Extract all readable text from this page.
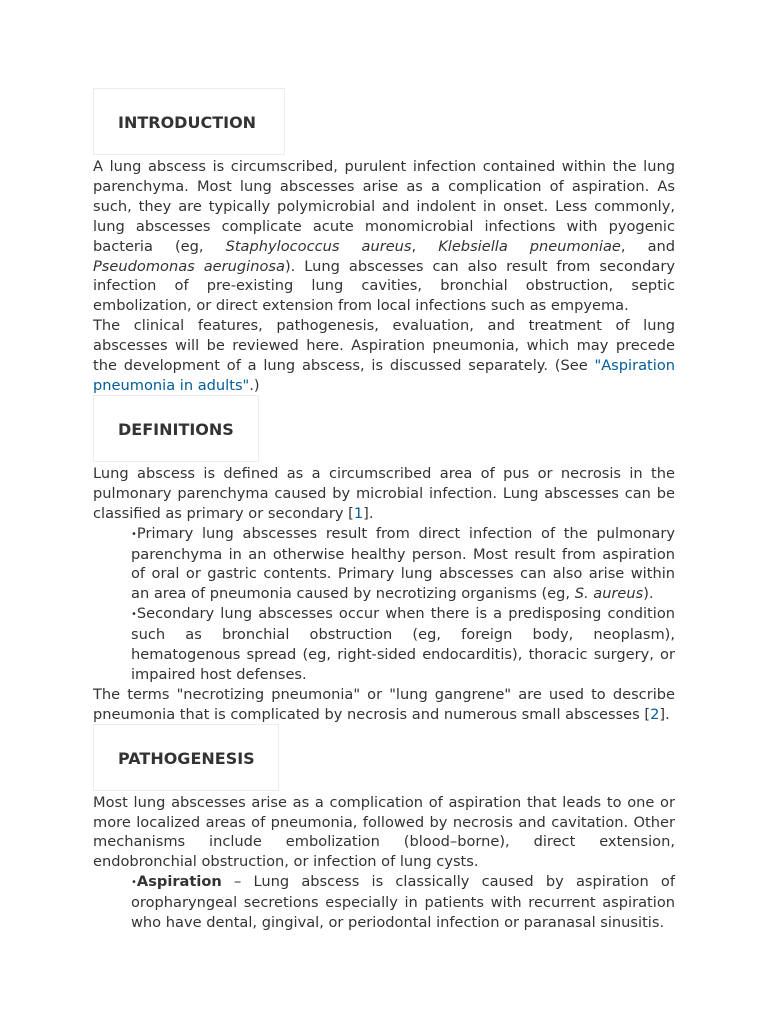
INTRODUCTION

A lung abscess is circumscribed, purulent infection contained within the lung parenchyma. Most lung abscesses arise as a complication of aspiration. As such, they are typically polymicrobial and indolent in onset. Less commonly, lung abscesses complicate acute monomicrobial infections with pyogenic bacteria (eg, Staphylococcus aureus, Klebsiella pneumoniae, and Pseudomonas aeruginosa). Lung abscesses can also result from secondary infection of pre-existing lung cavities, bronchial obstruction, septic embolization, or direct extension from local infections such as empyema.

The clinical features, pathogenesis, evaluation, and treatment of lung abscesses will be reviewed here. Aspiration pneumonia, which may precede the development of a lung abscess, is discussed separately. (See "Aspiration pneumonia in adults".)

DEFINITIONS

Lung abscess is defined as a circumscribed area of pus or necrosis in the pulmonary parenchyma caused by microbial infection. Lung abscesses can be classified as primary or secondary [1].

•Primary lung abscesses result from direct infection of the pulmonary parenchyma in an otherwise healthy person. Most result from aspiration of oral or gastric contents. Primary lung abscesses can also arise within an area of pneumonia caused by necrotizing organisms (eg, S. aureus).
•Secondary lung abscesses occur when there is a predisposing condition such as bronchial obstruction (eg, foreign body, neoplasm), hematogenous spread (eg, right-sided endocarditis), thoracic surgery, or impaired host defenses.

The terms "necrotizing pneumonia" or "lung gangrene" are used to describe pneumonia that is complicated by necrosis and numerous small abscesses [2].

PATHOGENESIS

Most lung abscesses arise as a complication of aspiration that leads to one or more localized areas of pneumonia, followed by necrosis and cavitation. Other mechanisms include embolization (blood–borne), direct extension, endobronchial obstruction, or infection of lung cysts.

•Aspiration – Lung abscess is classically caused by aspiration of oropharyngeal secretions especially in patients with recurrent aspiration who have dental, gingival, or periodontal infection or paranasal sinusitis.
